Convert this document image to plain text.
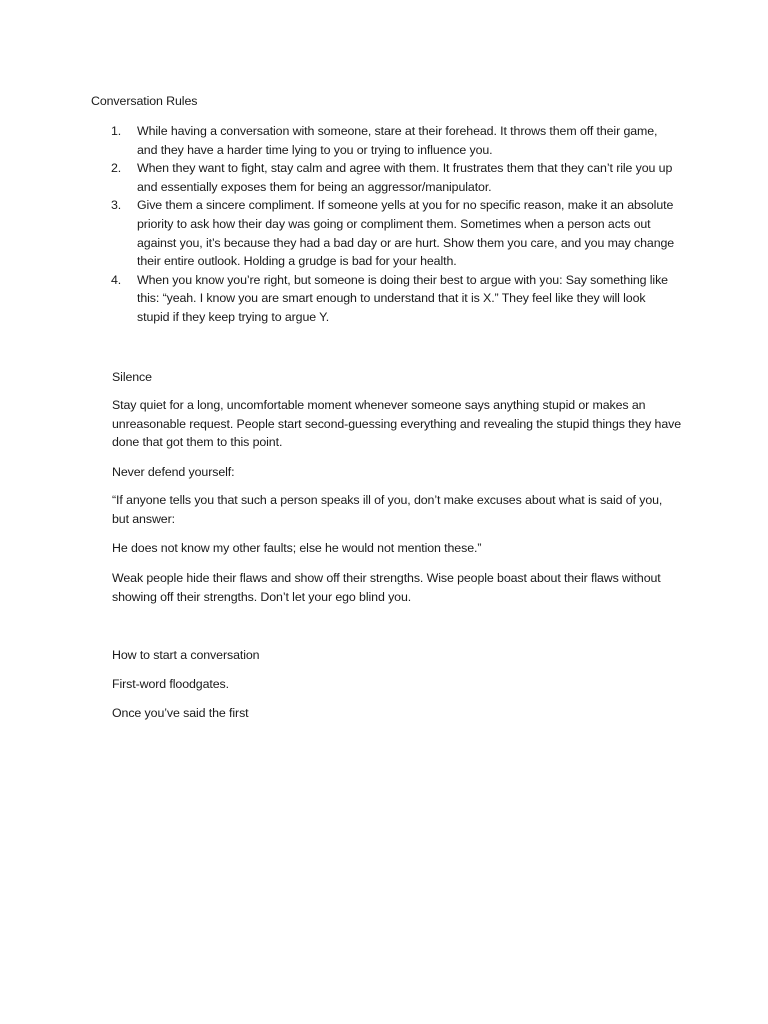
Conversation Rules
1. While having a conversation with someone, stare at their forehead. It throws them off their game, and they have a harder time lying to you or trying to influence you.
2. When they want to fight, stay calm and agree with them. It frustrates them that they can’t rile you up and essentially exposes them for being an aggressor/manipulator.
3. Give them a sincere compliment. If someone yells at you for no specific reason, make it an absolute priority to ask how their day was going or compliment them. Sometimes when a person acts out against you, it’s because they had a bad day or are hurt. Show them you care, and you may change their entire outlook. Holding a grudge is bad for your health.
4. When you know you’re right, but someone is doing their best to argue with you: Say something like this: “yeah. I know you are smart enough to understand that it is X.” They feel like they will look stupid if they keep trying to argue Y.

Silence

Stay quiet for a long, uncomfortable moment whenever someone says anything stupid or makes an unreasonable request. People start second-guessing everything and revealing the stupid things they have done that got them to this point.

Never defend yourself:

“If anyone tells you that such a person speaks ill of you, don’t make excuses about what is said of you, but answer:

He does not know my other faults; else he would not mention these.”

Weak people hide their flaws and show off their strengths. Wise people boast about their flaws without showing off their strengths. Don’t let your ego blind you.

How to start a conversation

First-word floodgates.

Once you’ve said the first
